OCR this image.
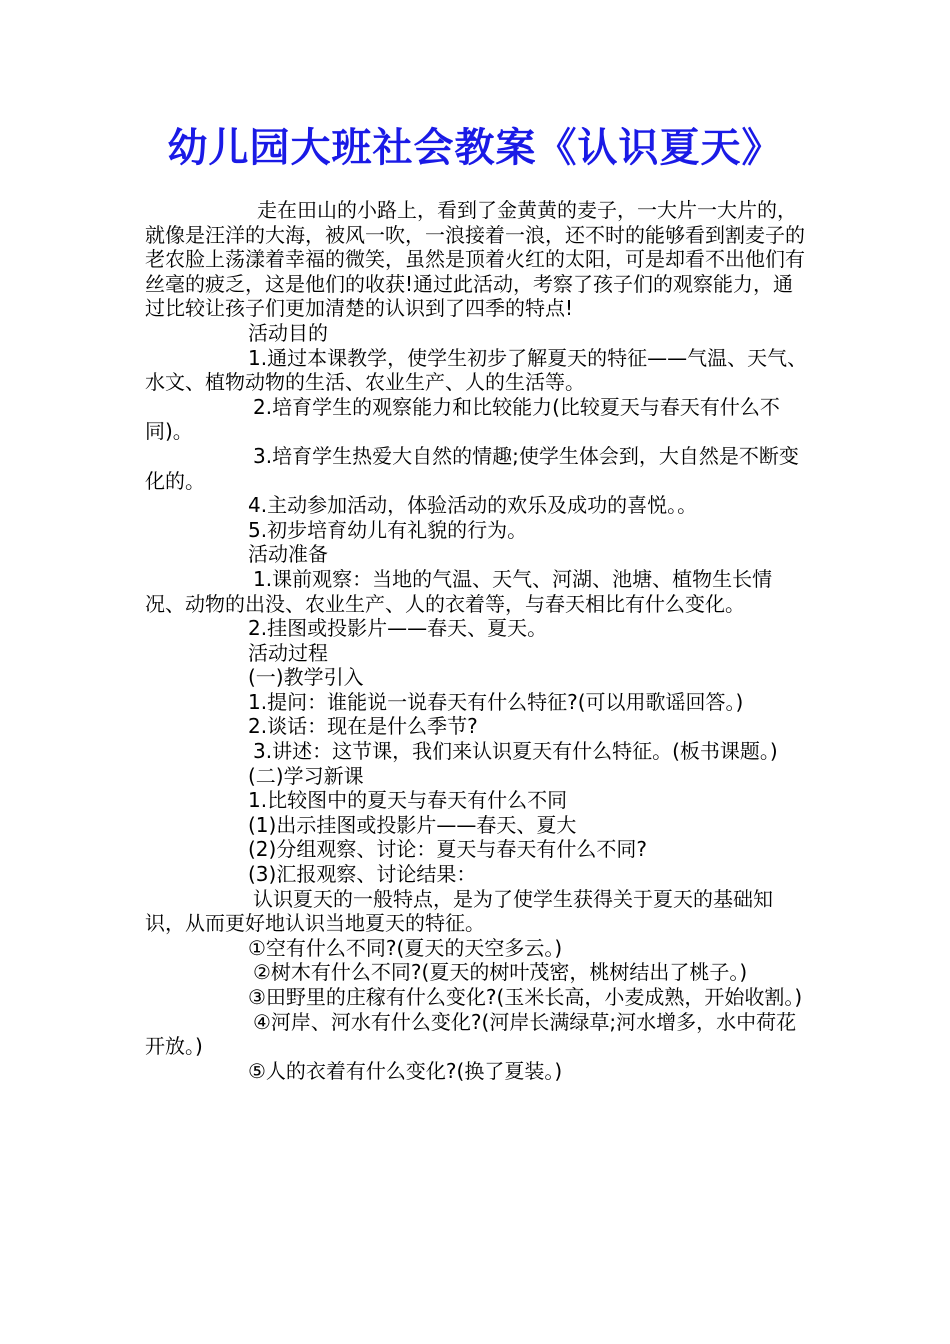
幼儿园大班社会教案《认识夏天》

走在田山的小路上，看到了金黄黄的麦子，一大片一大片的，就像是汪洋的大海，被风一吹，一浪接着一浪，还不时的能够看到割麦子的老农脸上荡漾着幸福的微笑，虽然是顶着火红的太阳，可是却看不出他们有丝毫的疲乏，这是他们的收获!通过此活动，考察了孩子们的观察能力，通过比较让孩子们更加清楚的认识到了四季的特点!

活动目的

1.通过本课教学，使学生初步了解夏天的特征——气温、天气、水文、植物动物的生活、农业生产、人的生活等。

2.培育学生的观察能力和比较能力(比较夏天与春天有什么不同)。

3.培育学生热爱大自然的情趣;使学生体会到，大自然是不断变化的。

4.主动参加活动，体验活动的欢乐及成功的喜悦。。

5.初步培育幼儿有礼貌的行为。

活动准备

1.课前观察：当地的气温、天气、河湖、池塘、植物生长情况、动物的出没、农业生产、人的衣着等，与春天相比有什么变化。

2.挂图或投影片——春天、夏天。

活动过程

(一)教学引入

1.提问：谁能说一说春天有什么特征?(可以用歌谣回答。)

2.谈话：现在是什么季节?

3.讲述：这节课，我们来认识夏天有什么特征。(板书课题。)

(二)学习新课

1.比较图中的夏天与春天有什么不同

(1)出示挂图或投影片——春天、夏大

(2)分组观察、讨论：夏天与春天有什么不同?

(3)汇报观察、讨论结果：

认识夏天的一般特点，是为了使学生获得关于夏天的基础知识，从而更好地认识当地夏天的特征。

①空有什么不同?(夏天的天空多云。)

②树木有什么不同?(夏天的树叶茂密，桃树结出了桃子。)

③田野里的庄稼有什么变化?(玉米长高，小麦成熟，开始收割。)

④河岸、河水有什么变化?(河岸长满绿草;河水增多，水中荷花开放。)

⑤人的衣着有什么变化?(换了夏装。)
